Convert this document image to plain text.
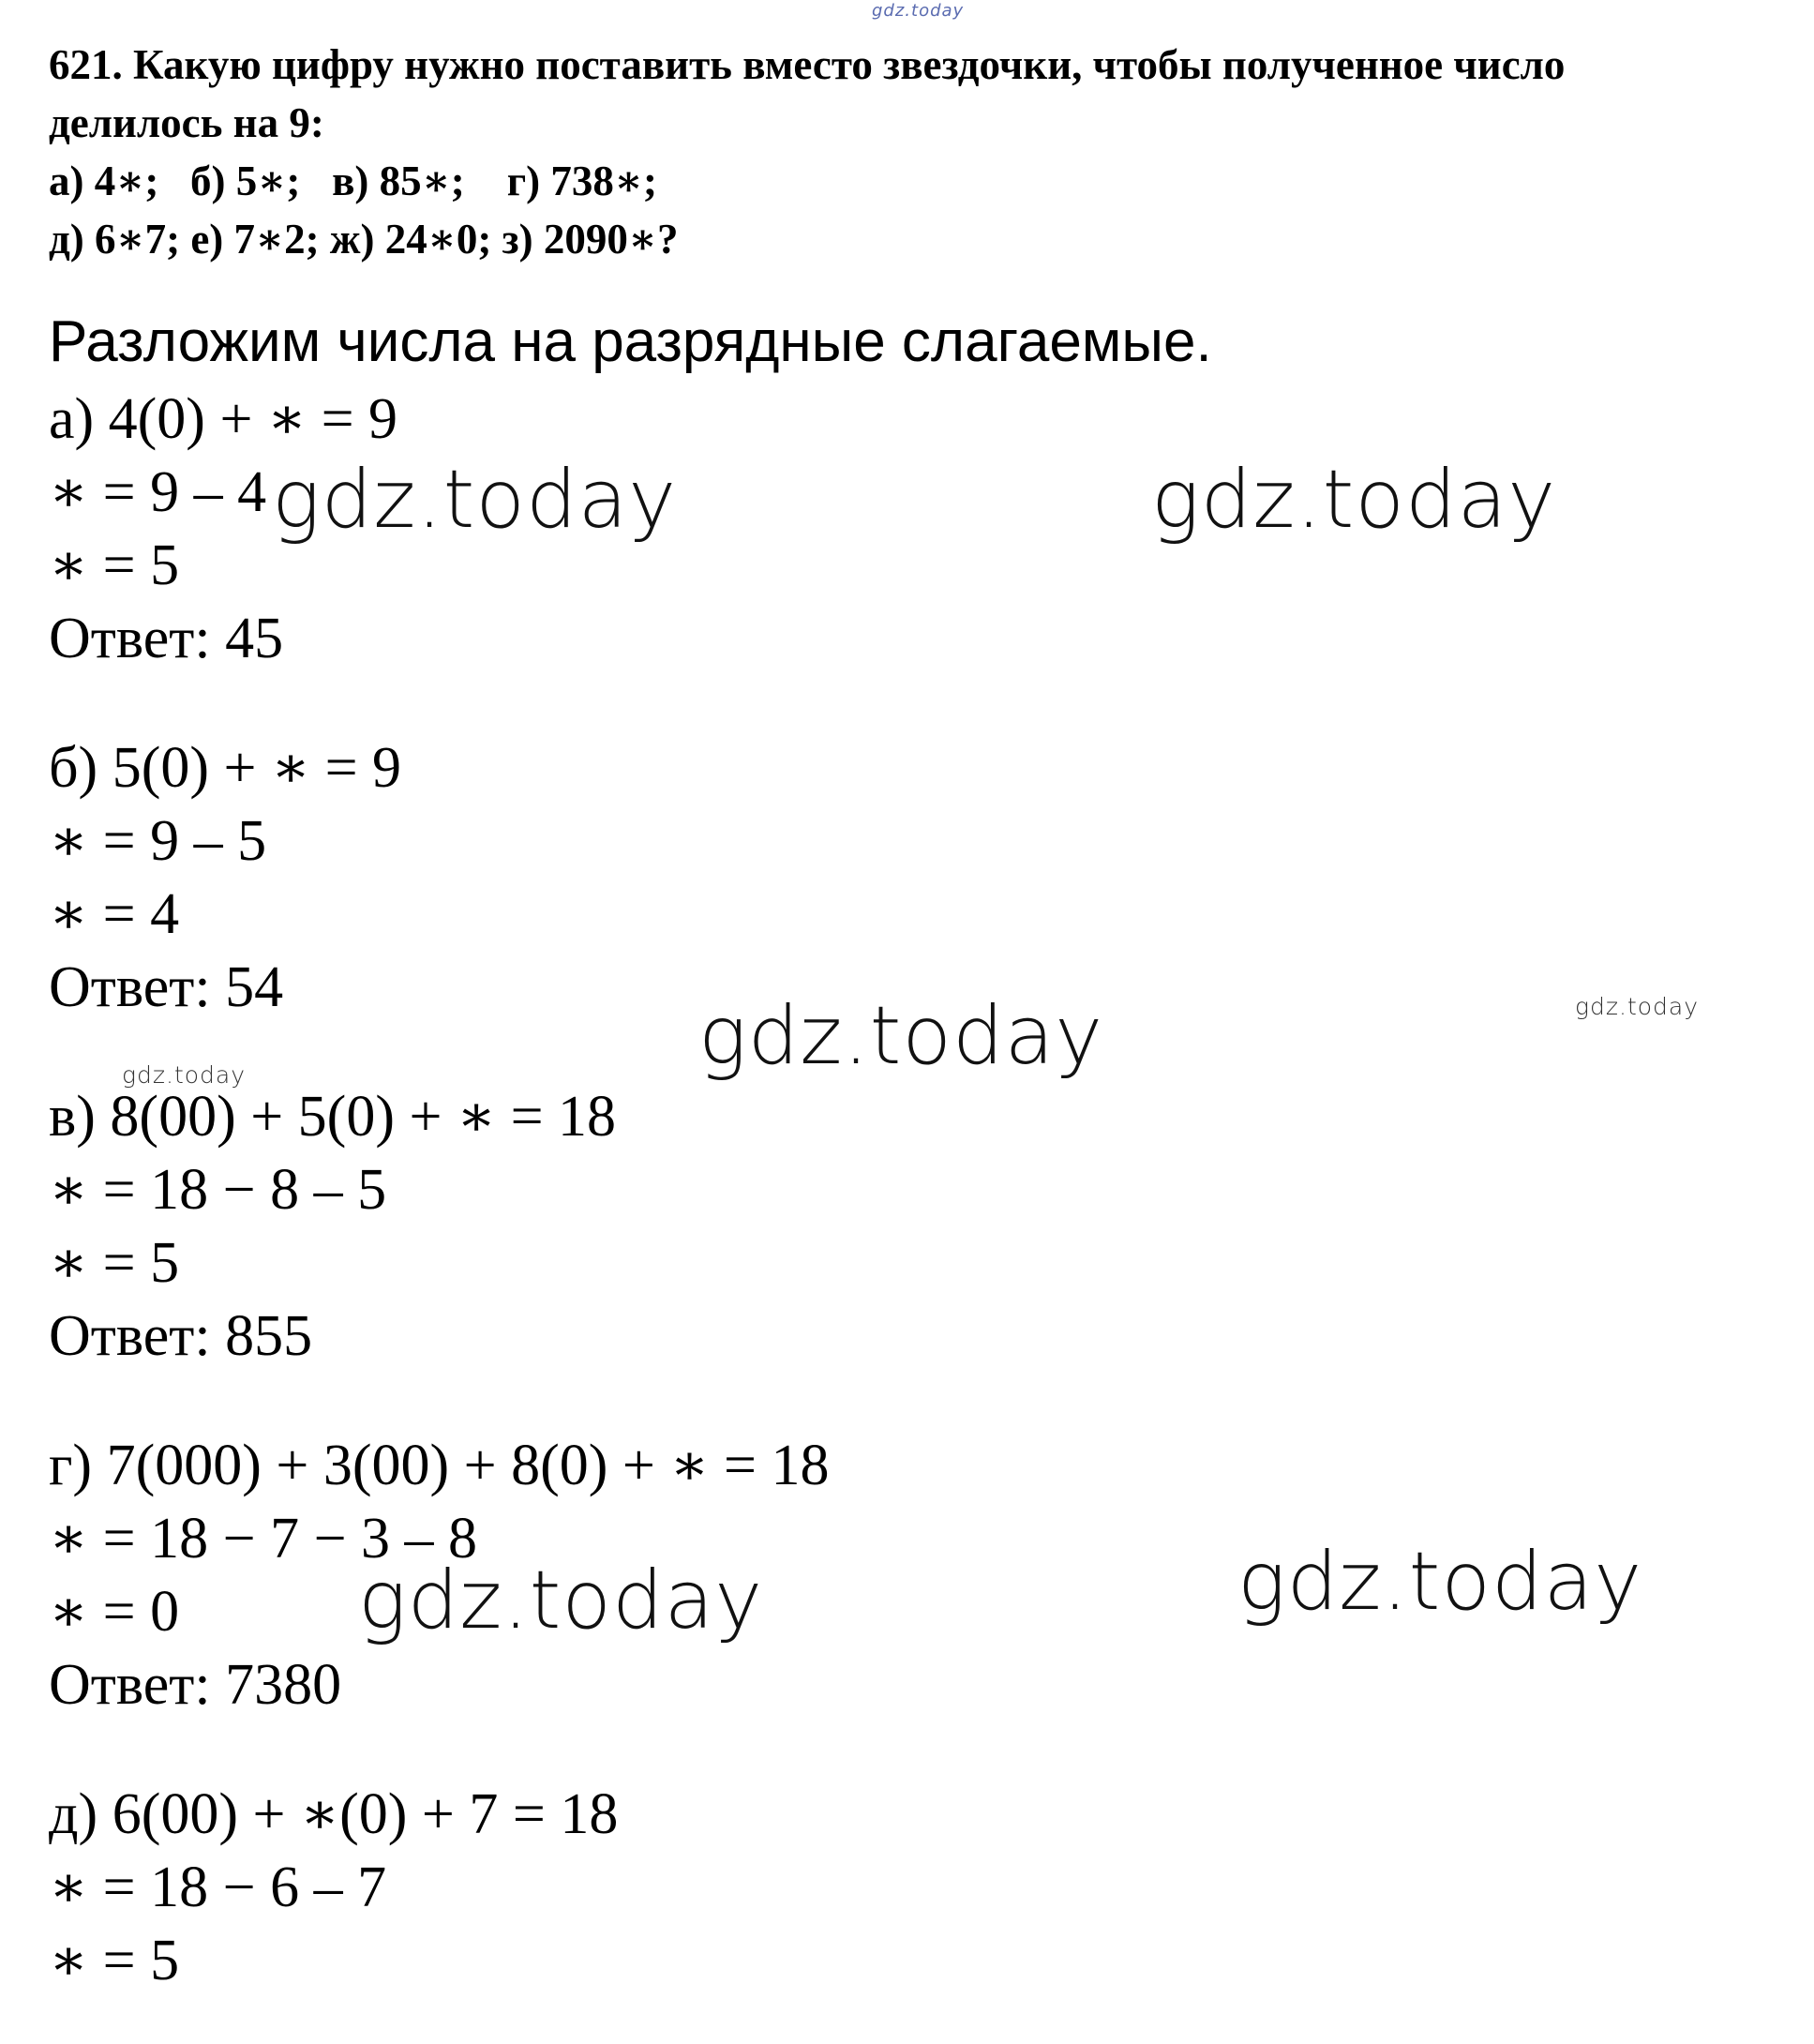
gdz.today
621. Какую цифру нужно поставить вместо звездочки, чтобы полученное число
делилось на 9:
а) 4∗;   б) 5∗;   в) 85∗;    г) 738∗;
д) 6∗7; е) 7∗2; ж) 24∗0; з) 2090∗?
Разложим числа на разрядные слагаемые.
а) 4(0) + ∗ = 9
∗ = 9 – 4
∗ = 5
Ответ: 45
б) 5(0) + ∗ = 9
∗ = 9 – 5
∗ = 4
Ответ: 54
в) 8(00) + 5(0) + ∗ = 18
∗ = 18 − 8 – 5
∗ = 5
Ответ: 855
г) 7(000) + 3(00) + 8(0) + ∗ = 18
∗ = 18 − 7 − 3 – 8
∗ = 0
Ответ: 7380
д) 6(00) + ∗(0) + 7 = 18
∗ = 18 − 6 – 7
∗ = 5
gdz.today	gdz.today
gdz.today	gdz.today
gdz.today
gdz.today	gdz.today
